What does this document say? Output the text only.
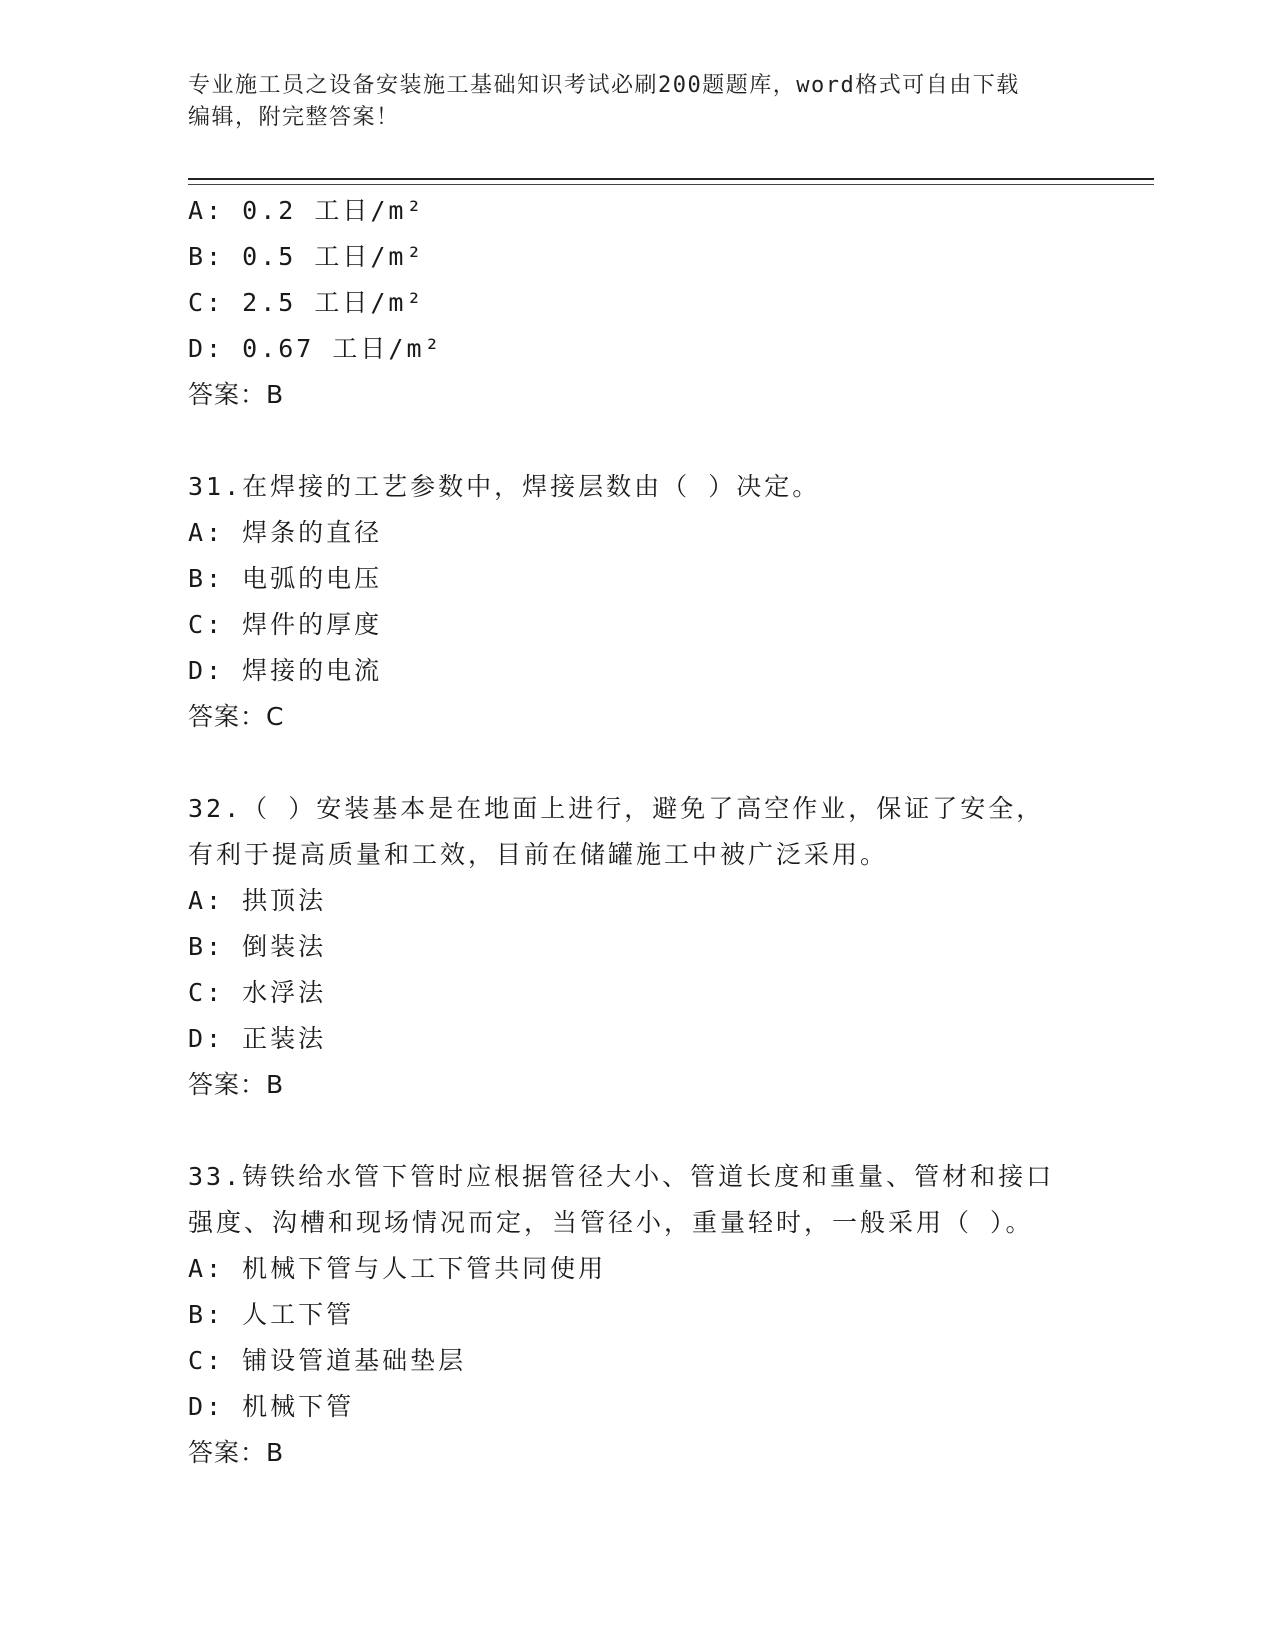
专业施工员之设备安装施工基础知识考试必刷200题题库，word格式可自由下载
编辑，附完整答案！
A: 0.2 工日/m²
B: 0.5 工日/m²
C: 2.5 工日/m²
D: 0.67 工日/m²
答案：B
31.在焊接的工艺参数中，焊接层数由（ ）决定。
A: 焊条的直径
B: 电弧的电压
C: 焊件的厚度
D: 焊接的电流
答案：C
32.（ ）安装基本是在地面上进行，避免了高空作业，保证了安全，
有利于提高质量和工效，目前在储罐施工中被广泛采用。
A: 拱顶法
B: 倒装法
C: 水浮法
D: 正装法
答案：B
33.铸铁给水管下管时应根据管径大小、管道长度和重量、管材和接口
强度、沟槽和现场情况而定，当管径小，重量轻时，一般采用（ ）。
A: 机械下管与人工下管共同使用
B: 人工下管
C: 铺设管道基础垫层
D: 机械下管
答案：B
